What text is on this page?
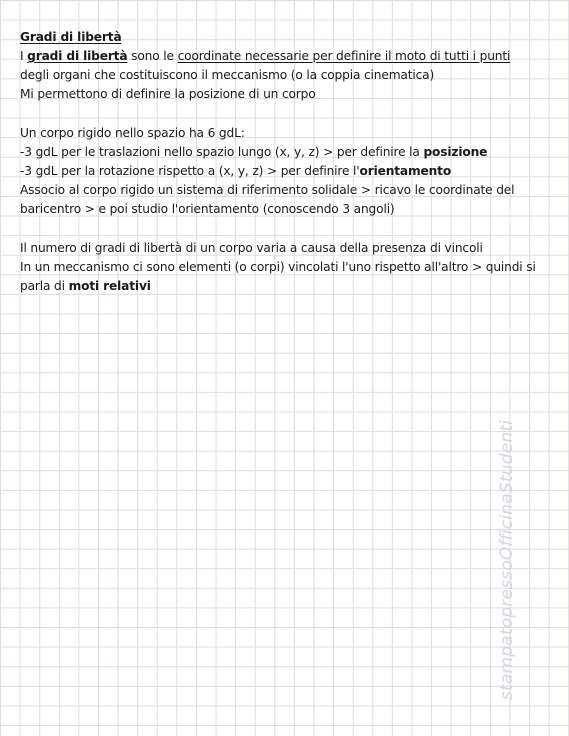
Gradi di libertà
I gradi di libertà sono le coordinate necessarie per definire il moto di tutti i punti
degli organi che costituiscono il meccanismo (o la coppia cinematica)
Mi permettono di definire la posizione di un corpo
Un corpo rigido nello spazio ha 6 gdL:
-3 gdL per le traslazioni nello spazio lungo (x, y, z) > per definire la posizione
-3 gdL per la rotazione rispetto a (x, y, z) > per definire l'orientamento
Associo al corpo rigido un sistema di riferimento solidale > ricavo le coordinate del
baricentro > e poi studio l'orientamento (conoscendo 3 angoli)
Il numero di gradi di libertà di un corpo varia a causa della presenza di vincoli
In un meccanismo ci sono elementi (o corpi) vincolati l'uno rispetto all'altro > quindi si
parla di moti relativi
stampatopressoOfficinaStudenti
